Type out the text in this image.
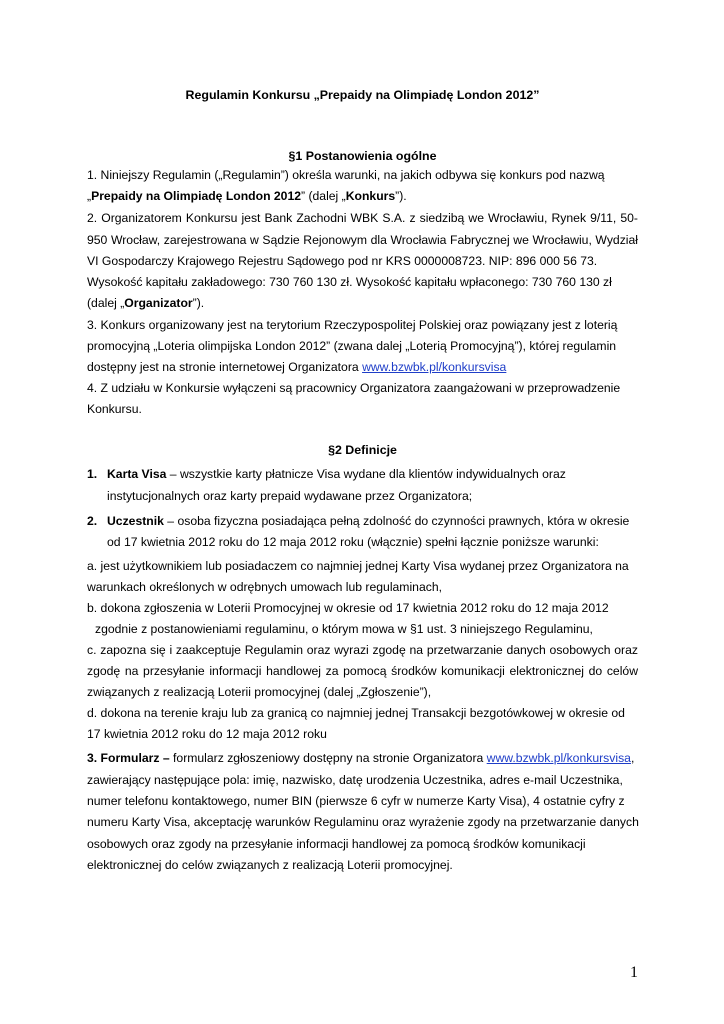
Regulamin Konkursu „Prepaidy na Olimpiadę London 2012”
§1 Postanowienia ogólne
1. Niniejszy Regulamin („Regulamin”) określa warunki, na jakich odbywa się konkurs pod nazwą
„Prepaidy na Olimpiadę London 2012” (dalej „Konkurs”).
2. Organizatorem Konkursu jest Bank Zachodni WBK S.A. z siedzibą we Wrocławiu, Rynek 9/11, 50-
950 Wrocław, zarejestrowana w Sądzie Rejonowym dla Wrocławia Fabrycznej we Wrocławiu, Wydział
VI Gospodarczy Krajowego Rejestru Sądowego pod nr KRS 0000008723. NIP: 896 000 56 73.
Wysokość kapitału zakładowego: 730 760 130 zł. Wysokość kapitału wpłaconego: 730 760 130 zł
(dalej „Organizator”).
3. Konkurs organizowany jest na terytorium Rzeczypospolitej Polskiej oraz powiązany jest z loterią
promocyjną „Loteria olimpijska London 2012” (zwana dalej „Loterią Promocyjną”), której regulamin
dostępny jest na stronie internetowej Organizatora www.bzwbk.pl/konkursvisa
4. Z udziału w Konkursie wyłączeni są pracownicy Organizatora zaangażowani w przeprowadzenie
Konkursu.
§2 Definicje
1. Karta Visa – wszystkie karty płatnicze Visa wydane dla klientów indywidualnych oraz
instytucjonalnych oraz karty prepaid wydawane przez Organizatora;
2. Uczestnik – osoba fizyczna posiadająca pełną zdolność do czynności prawnych, która w okresie
od 17 kwietnia 2012 roku do 12 maja 2012 roku (włącznie) spełni łącznie poniższe warunki:
a. jest użytkownikiem lub posiadaczem co najmniej jednej Karty Visa wydanej przez Organizatora na
warunkach określonych w odrębnych umowach lub regulaminach,
b. dokona zgłoszenia w Loterii Promocyjnej w okresie od 17 kwietnia 2012 roku do 12 maja 2012
zgodnie z postanowieniami regulaminu, o którym mowa w §1 ust. 3 niniejszego Regulaminu,
c. zapozna się i zaakceptuje Regulamin oraz wyrazi zgodę na przetwarzanie danych osobowych oraz
zgodę na przesyłanie informacji handlowej za pomocą środków komunikacji elektronicznej do celów
związanych z realizacją Loterii promocyjnej (dalej „Zgłoszenie”),
d. dokona na terenie kraju lub za granicą co najmniej jednej Transakcji bezgotówkowej w okresie od
17 kwietnia 2012 roku do 12 maja 2012 roku
3. Formularz – formularz zgłoszeniowy dostępny na stronie Organizatora www.bzwbk.pl/konkursvisa,
zawierający następujące pola: imię, nazwisko, datę urodzenia Uczestnika, adres e-mail Uczestnika,
numer telefonu kontaktowego, numer BIN (pierwsze 6 cyfr w numerze Karty Visa), 4 ostatnie cyfry z
numeru Karty Visa, akceptację warunków Regulaminu oraz wyrażenie zgody na przetwarzanie danych
osobowych oraz zgody na przesyłanie informacji handlowej za pomocą środków komunikacji
elektronicznej do celów związanych z realizacją Loterii promocyjnej.
1
